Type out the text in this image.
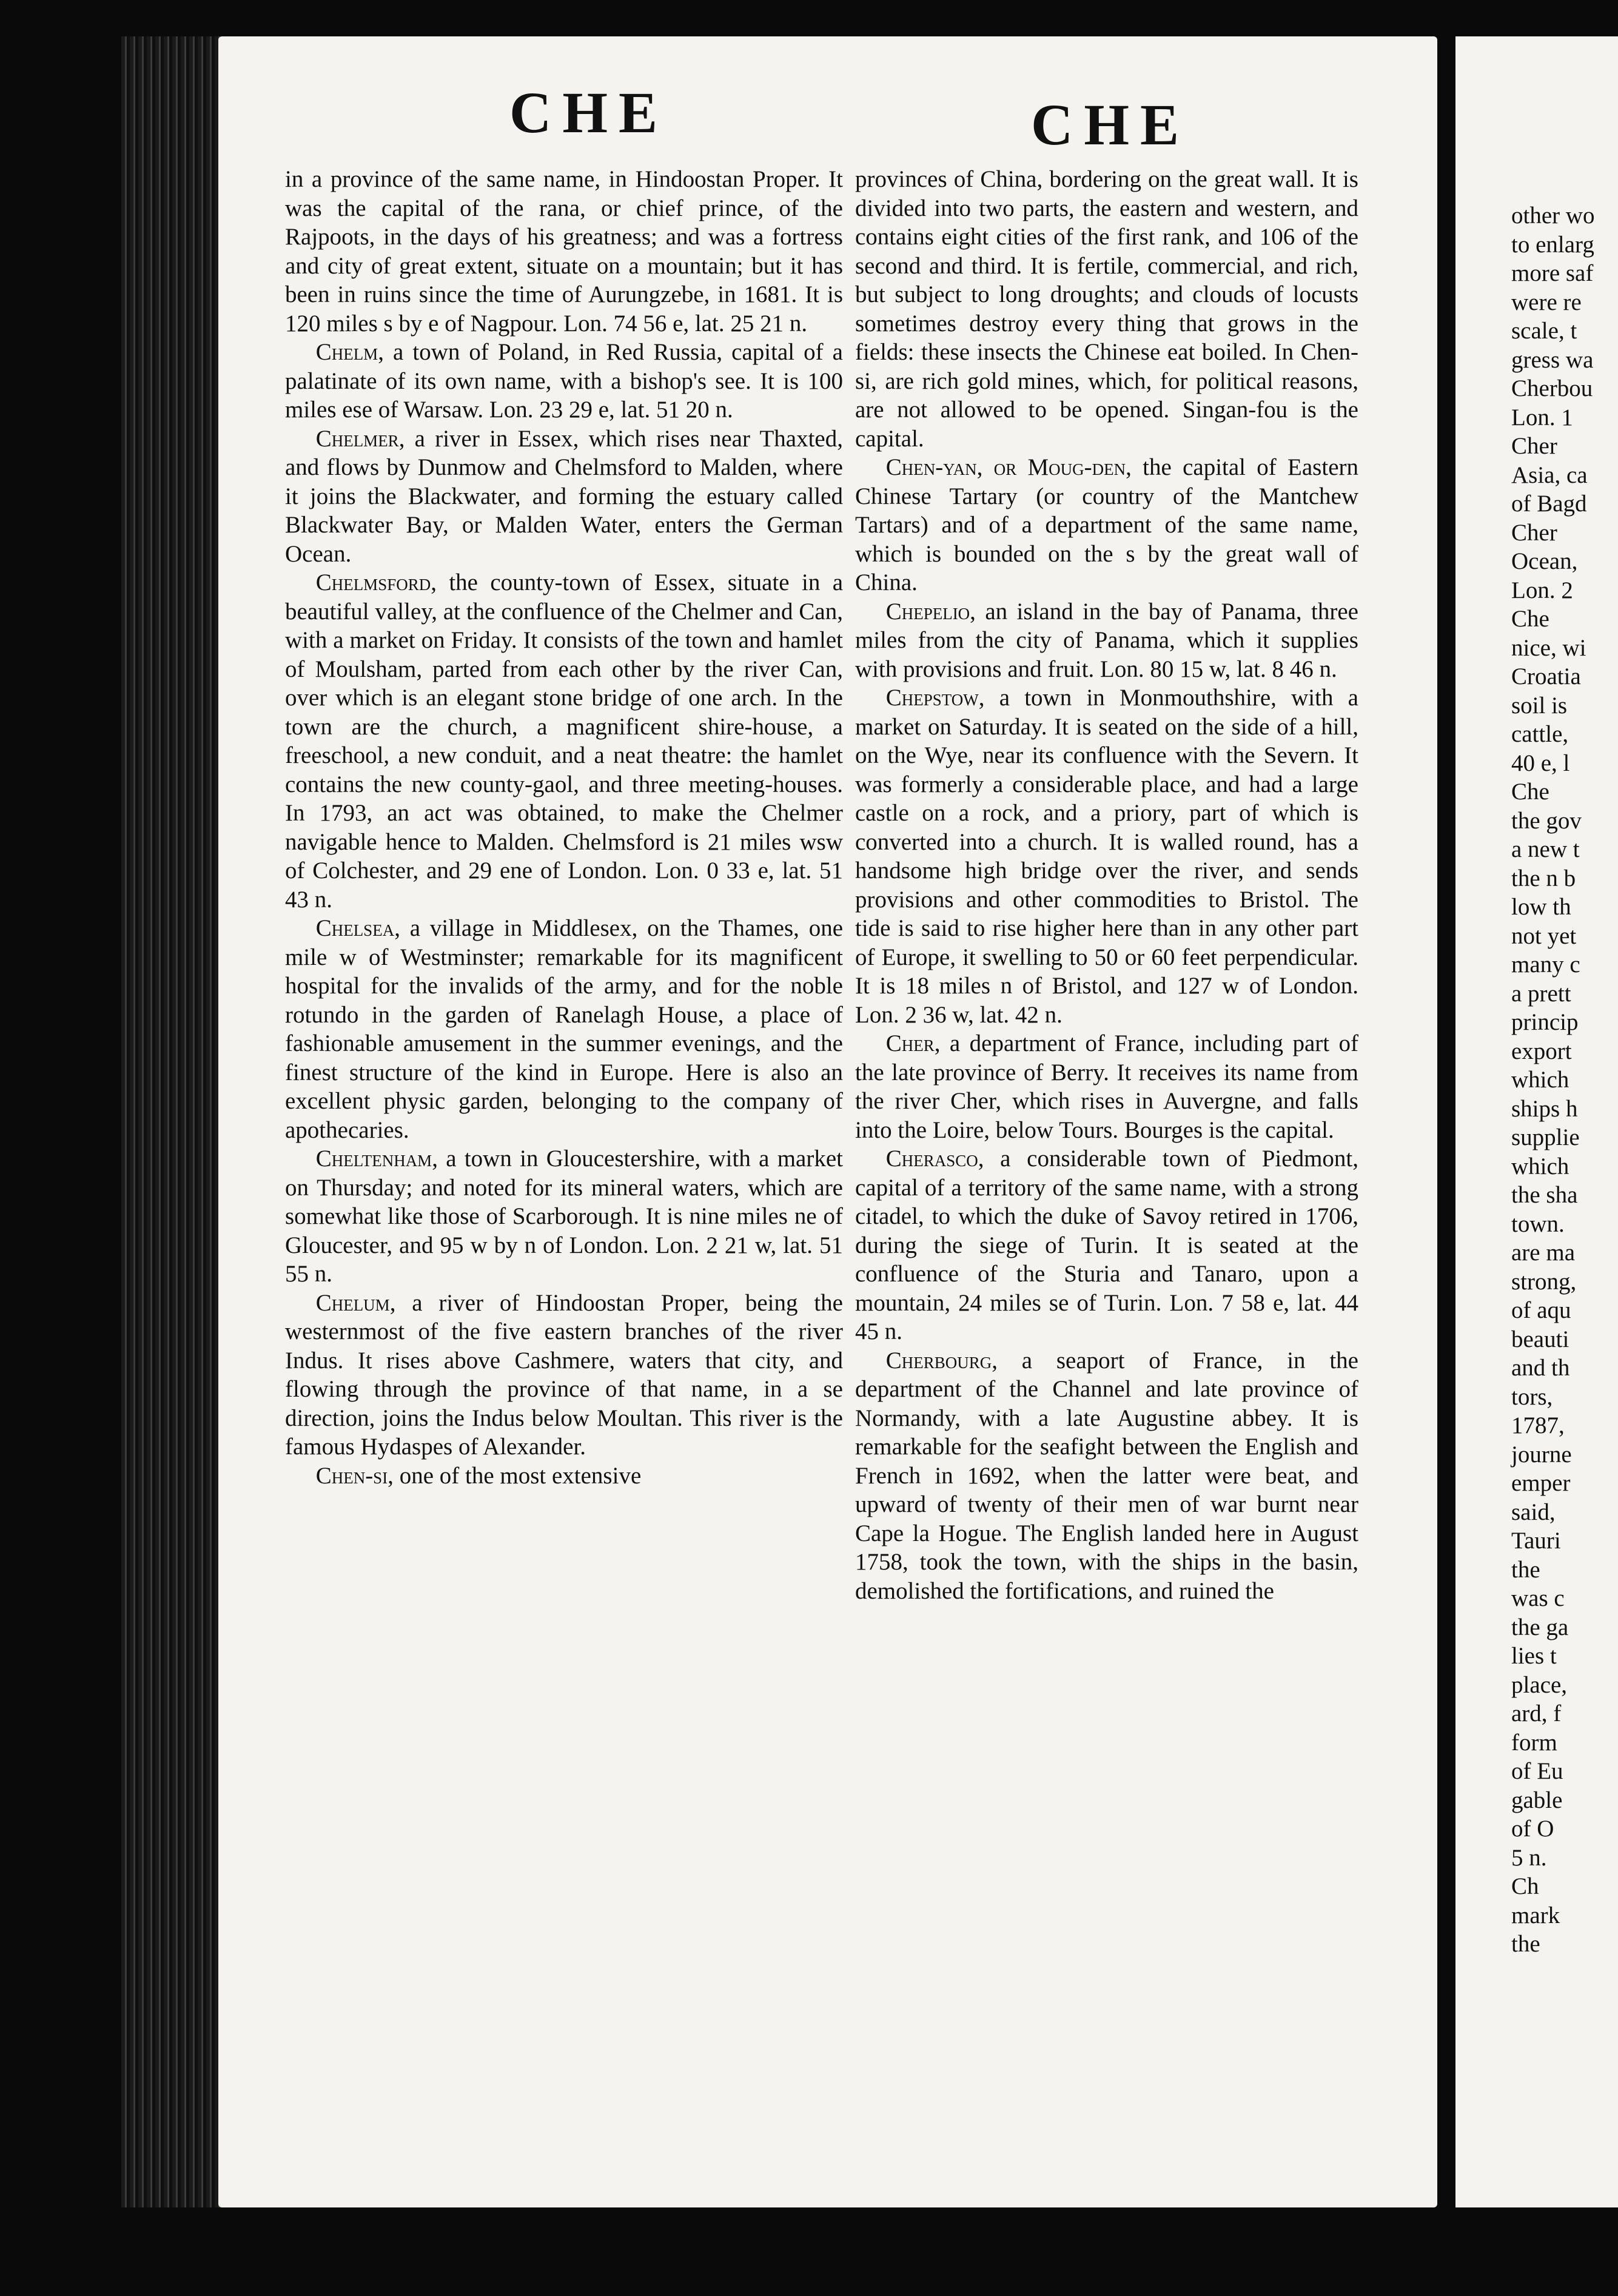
other wo
to enlarg
more saf
were re
scale, t
gress wa
Cherbou
Lon. 1
Cher
Asia, ca
of Bagd
Cher
Ocean,
Lon. 2
Che
nice, wi
Croatia
soil is
cattle,
40 e, l
Che
the gov
a new t
the n b
low th
not yet
many c
a prett
princip
export
which
ships h
supplie
which
the sha
town.
are ma
strong,
of aqu
beauti
and th
tors,
1787,
journe
emper
said,
Tauri
the
was c
the ga
lies t
place,
ard, f
form
of Eu
gable
of O
5 n.
Ch
mark
the
CHE	CHE

in a province of the same name, in Hindoostan Proper. It was the capital of the rana, or chief prince, of the Rajpoots, in the days of his greatness; and was a fortress and city of great extent, situate on a mountain; but it has been in ruins since the time of Aurungzebe, in 1681. It is 120 miles s by e of Nagpour. Lon. 74 56 e, lat. 25 21 n.

Chelm, a town of Poland, in Red Russia, capital of a palatinate of its own name, with a bishop's see. It is 100 miles ese of Warsaw. Lon. 23 29 e, lat. 51 20 n.

Chelmer, a river in Essex, which rises near Thaxted, and flows by Dunmow and Chelmsford to Malden, where it joins the Blackwater, and forming the estuary called Blackwater Bay, or Malden Water, enters the German Ocean.

Chelmsford, the county-town of Essex, situate in a beautiful valley, at the confluence of the Chelmer and Can, with a market on Friday. It consists of the town and hamlet of Moulsham, parted from each other by the river Can, over which is an elegant stone bridge of one arch. In the town are the church, a magnificent shire-house, a freeschool, a new conduit, and a neat theatre: the hamlet contains the new county-gaol, and three meeting-houses. In 1793, an act was obtained, to make the Chelmer navigable hence to Malden. Chelmsford is 21 miles wsw of Colchester, and 29 ene of London. Lon. 0 33 e, lat. 51 43 n.

Chelsea, a village in Middlesex, on the Thames, one mile w of Westminster; remarkable for its magnificent hospital for the invalids of the army, and for the noble rotundo in the garden of Ranelagh House, a place of fashionable amusement in the summer evenings, and the finest structure of the kind in Europe. Here is also an excellent physic garden, belonging to the company of apothecaries.

Cheltenham, a town in Gloucestershire, with a market on Thursday; and noted for its mineral waters, which are somewhat like those of Scarborough. It is nine miles ne of Gloucester, and 95 w by n of London. Lon. 2 21 w, lat. 51 55 n.

Chelum, a river of Hindoostan Proper, being the westernmost of the five eastern branches of the river Indus. It rises above Cashmere, waters that city, and flowing through the province of that name, in a se direction, joins the Indus below Moultan. This river is the famous Hydaspes of Alexander.

Chen-si, one of the most extensive

provinces of China, bordering on the great wall. It is divided into two parts, the eastern and western, and contains eight cities of the first rank, and 106 of the second and third. It is fertile, commercial, and rich, but subject to long droughts; and clouds of locusts sometimes destroy every thing that grows in the fields: these insects the Chinese eat boiled. In Chen-si, are rich gold mines, which, for political reasons, are not allowed to be opened. Singan-fou is the capital.

Chen-yan, or Moug-den, the capital of Eastern Chinese Tartary (or country of the Mantchew Tartars) and of a department of the same name, which is bounded on the s by the great wall of China.

Chepelio, an island in the bay of Panama, three miles from the city of Panama, which it supplies with provisions and fruit. Lon. 80 15 w, lat. 8 46 n.

Chepstow, a town in Monmouthshire, with a market on Saturday. It is seated on the side of a hill, on the Wye, near its confluence with the Severn. It was formerly a considerable place, and had a large castle on a rock, and a priory, part of which is converted into a church. It is walled round, has a handsome high bridge over the river, and sends provisions and other commodities to Bristol. The tide is said to rise higher here than in any other part of Europe, it swelling to 50 or 60 feet perpendicular. It is 18 miles n of Bristol, and 127 w of London. Lon. 2 36 w, lat. 42 n.

Cher, a department of France, including part of the late province of Berry. It receives its name from the river Cher, which rises in Auvergne, and falls into the Loire, below Tours. Bourges is the capital.

Cherasco, a considerable town of Piedmont, capital of a territory of the same name, with a strong citadel, to which the duke of Savoy retired in 1706, during the siege of Turin. It is seated at the confluence of the Sturia and Tanaro, upon a mountain, 24 miles se of Turin. Lon. 7 58 e, lat. 44 45 n.

Cherbourg, a seaport of France, in the department of the Channel and late province of Normandy, with a late Augustine abbey. It is remarkable for the seafight between the English and French in 1692, when the latter were beat, and upward of twenty of their men of war burnt near Cape la Hogue. The English landed here in August 1758, took the town, with the ships in the basin, demolished the fortifications, and ruined the
